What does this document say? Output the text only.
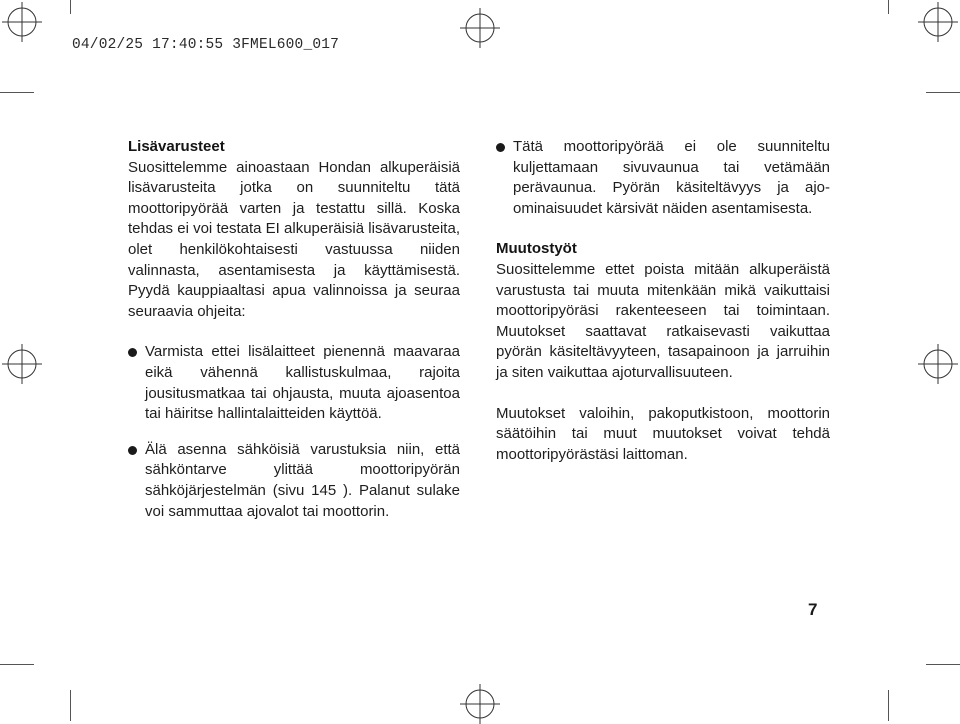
04/02/25 17:40:55 3FMEL600_017
Lisävarusteet

Suosittelemme ainoastaan Hondan alkuperäisiä lisävarusteita jotka on suunniteltu tätä moottoripyörää varten ja testattu sillä. Koska tehdas ei voi testata EI alkuperäisiä lisävarusteita, olet henkilökohtaisesti vastuussa niiden valinnasta, asentamisesta ja käyttämisestä. Pyydä kauppiaaltasi apua valinnoissa ja seuraa seuraavia ohjeita:

Varmista ettei lisälaitteet pienennä maavaraa eikä vähennä kallistuskulmaa, rajoita jousitusmatkaa tai ohjausta, muuta ajoasentoa tai häiritse hallintalaitteiden käyttöä.

Älä asenna sähköisiä varustuksia niin, että sähköntarve ylittää moottoripyörän sähköjärjestelmän (sivu 145 ). Palanut sulake voi sammuttaa ajovalot tai moottorin.

Tätä moottoripyörää ei ole suunniteltu kuljettamaan sivuvaunua tai vetämään perävaunua. Pyörän käsiteltävyys ja ajo-ominaisuudet kärsivät näiden asentamisesta.

Muutostyöt

Suosittelemme ettet poista mitään alkuperäistä varustusta tai muuta mitenkään mikä vaikuttaisi moottoripyöräsi rakenteeseen tai toimintaan. Muutokset saattavat ratkaisevasti vaikuttaa pyörän käsiteltävyyteen, tasapainoon ja jarruihin ja siten vaikuttaa ajoturvallisuuteen.

Muutokset valoihin, pakoputkistoon, moottorin säätöihin tai muut muutokset voivat tehdä moottoripyörästäsi laittoman.

7
